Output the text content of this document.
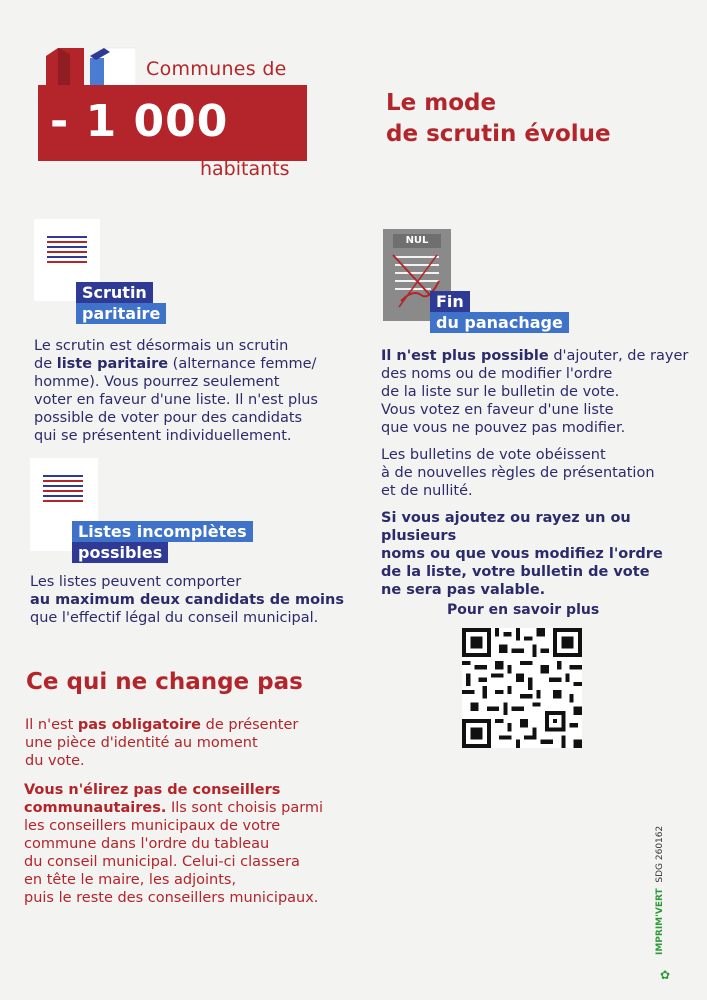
Communes de
- 1 000
habitants
Le mode
de scrutin évolue
Scrutin
paritaire
Le scrutin est désormais un scrutin
de liste paritaire (alternance femme/
homme). Vous pourrez seulement
voter en faveur d'une liste. Il n'est plus
possible de voter pour des candidats
qui se présentent individuellement.
Listes incomplètes
possibles
Les listes peuvent comporter
au maximum deux candidats de moins
que l'effectif légal du conseil municipal.
NUL
Fin
du panachage
Il n'est plus possible d'ajouter, de rayer
des noms ou de modifier l'ordre
de la liste sur le bulletin de vote.
Vous votez en faveur d'une liste
que vous ne pouvez pas modifier.
Les bulletins de vote obéissent
à de nouvelles règles de présentation
et de nullité.
Si vous ajoutez ou rayez un ou plusieurs
noms ou que vous modifiez l'ordre
de la liste, votre bulletin de vote
ne sera pas valable.
Pour en savoir plus
Ce qui ne change pas
Il n'est pas obligatoire de présenter
une pièce d'identité au moment
du vote.
Vous n'élirez pas de conseillers
communautaires. Ils sont choisis parmi
les conseillers municipaux de votre
commune dans l'ordre du tableau
du conseil municipal. Celui-ci classera
en tête le maire, les adjoints,
puis le reste des conseillers municipaux.	IMPRIM'VERT  SDG 260162
✿
